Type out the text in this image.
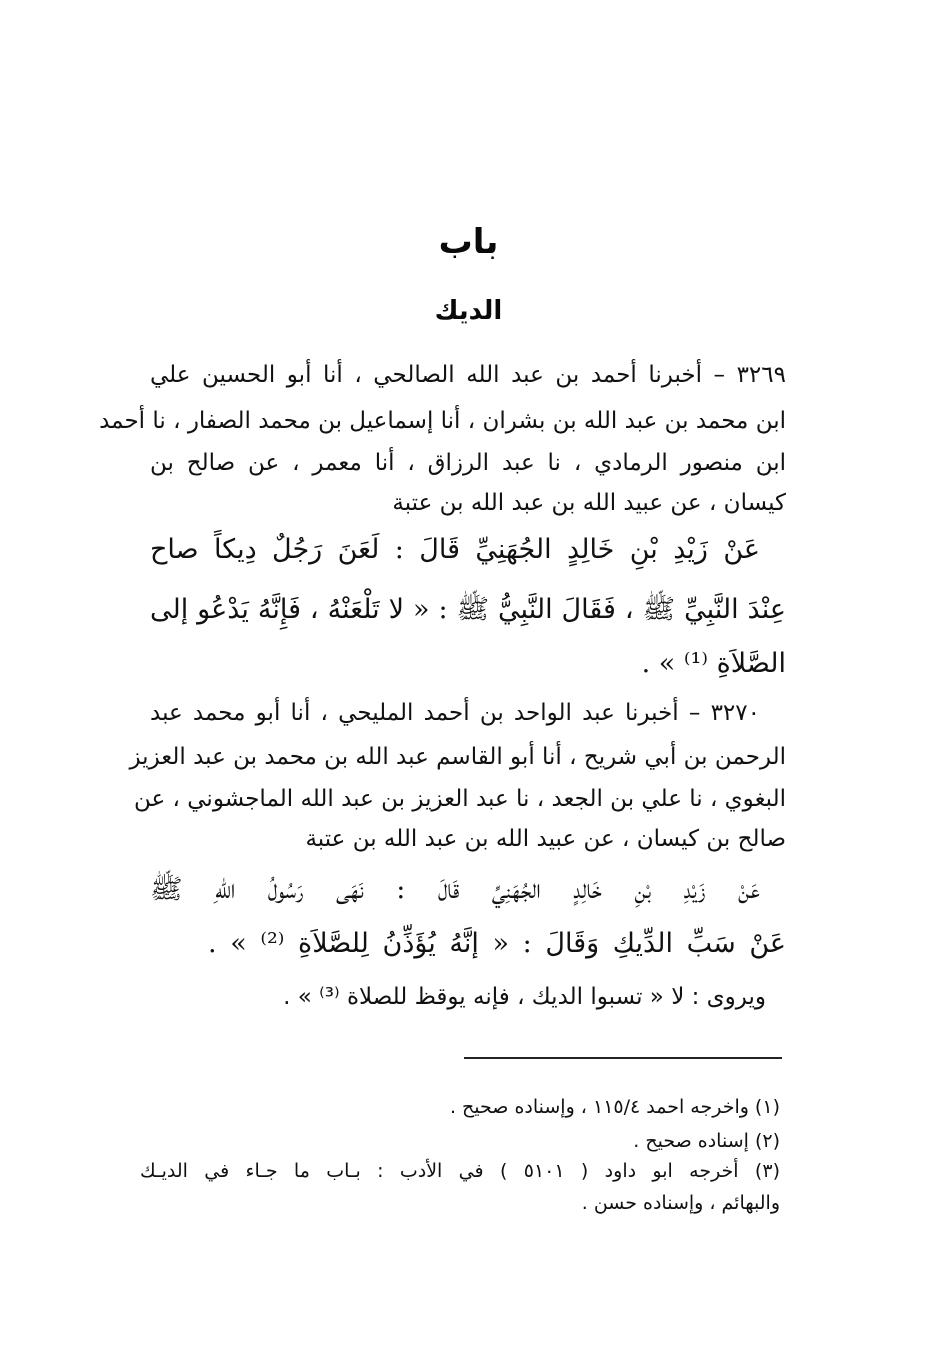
باب
الديك
٣٢٦٩ – أخبرنا أحمد بن عبد الله الصالحي ، أنا أبو الحسين علي
ابن محمد بن عبد الله بن بشران ، أنا إسماعيل بن محمد الصفار ، نا أحمد
ابن منصور الرمادي ، نا عبد الرزاق ، أنا معمر ، عن صالح بن
كيسان ، عن عبيد الله بن عبد الله بن عتبة
عَنْ زَيْدِ بْنِ خَالِدٍ الجُهَنِيِّ قَالَ : لَعَنَ رَجُلٌ دِيكاً صاح
عِنْدَ النَّبِيِّ ﷺ ، فَقَالَ النَّبِيُّ ﷺ : « لا تَلْعَنْهُ ، فَإِنَّهُ يَدْعُو إلى
الصَّلاَةِ ⁽¹⁾ » .
٣٢٧٠ – أخبرنا عبد الواحد بن أحمد المليحي ، أنا أبو محمد عبد
الرحمن بن أبي شريح ، أنا أبو القاسم عبد الله بن محمد بن عبد العزيز
البغوي ، نا علي بن الجعد ، نا عبد العزيز بن عبد الله الماجشوني ، عن
صالح بن كيسان ، عن عبيد الله بن عبد الله بن عتبة
عَنْ زَيْدِ بْنِ خَالِدٍ الجُهَنِيِّ قَالَ : نَهَى رَسُولُ اللهِ ﷺ
عَنْ سَبِّ الدِّيكِ وَقَالَ : « إنَّهُ يُؤَذِّنُ لِلصَّلاَةِ ⁽²⁾ » .
ويروى : لا « تسبوا الديك ، فإنه يوقظ للصلاة ⁽³⁾ » .
(١) واخرجه احمد ١١٥/٤ ، وإسناده صحيح .
(٢) إسناده صحيح .
(٣) أخرجه ابو داود ( ٥١٠١ ) في الأدب : بـاب ما جـاء في الديـك
والبهائم ، وإسناده حسن .
